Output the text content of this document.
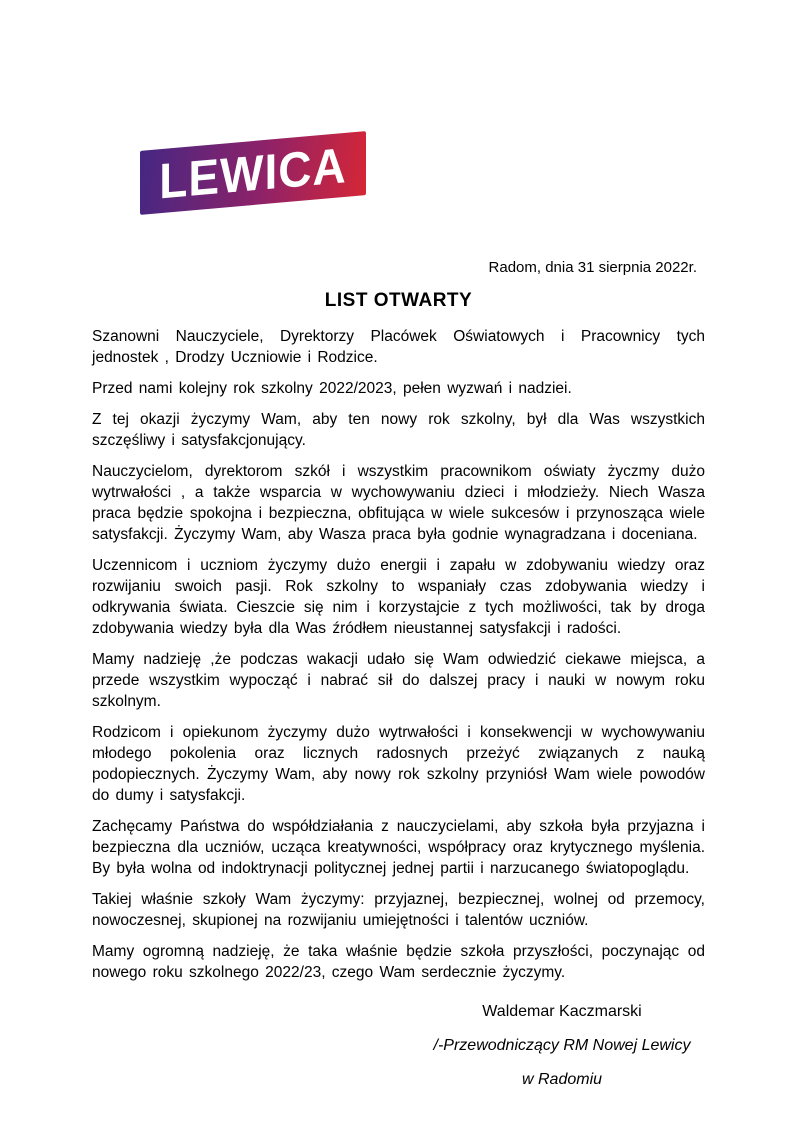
LEWICA
Radom, dnia 31 sierpnia 2022r.
LIST OTWARTY

Szanowni Nauczyciele, Dyrektorzy Placówek Oświatowych i Pracownicy tych jednostek , Drodzy Uczniowie i Rodzice.

Przed nami kolejny rok szkolny 2022/2023, pełen wyzwań i nadziei.

Z tej okazji życzymy Wam, aby ten nowy rok szkolny, był dla Was wszystkich szczęśliwy i satysfakcjonujący.

Nauczycielom, dyrektorom szkół i wszystkim pracownikom oświaty życzmy dużo wytrwałości , a także wsparcia w wychowywaniu dzieci i młodzieży. Niech Wasza praca będzie spokojna i bezpieczna, obfitująca w wiele sukcesów i przynosząca wiele satysfakcji. Życzymy Wam, aby Wasza praca była godnie wynagradzana i doceniana.

Uczennicom i uczniom życzymy dużo energii i zapału w zdobywaniu wiedzy oraz rozwijaniu swoich pasji. Rok szkolny to wspaniały czas zdobywania wiedzy i odkrywania świata. Cieszcie się nim i korzystajcie z tych możliwości, tak by droga zdobywania wiedzy była dla Was źródłem nieustannej satysfakcji i radości.

Mamy nadzieję ,że podczas wakacji udało się Wam odwiedzić ciekawe miejsca, a przede wszystkim wypocząć i nabrać sił do dalszej pracy i nauki w nowym roku szkolnym.

Rodzicom i opiekunom życzymy dużo wytrwałości i konsekwencji w wychowywaniu młodego pokolenia oraz licznych radosnych przeżyć związanych z nauką podopiecznych. Życzymy Wam, aby nowy rok szkolny przyniósł Wam wiele powodów do dumy i satysfakcji.

Zachęcamy Państwa do współdziałania z nauczycielami, aby szkoła była przyjazna i bezpieczna dla uczniów, ucząca kreatywności, współpracy oraz krytycznego myślenia. By była wolna od indoktrynacji politycznej jednej partii i narzucanego światopoglądu.

Takiej właśnie szkoły Wam życzymy: przyjaznej, bezpiecznej, wolnej od przemocy, nowoczesnej, skupionej na rozwijaniu umiejętności i talentów uczniów.

Mamy ogromną nadzieję, że taka właśnie będzie szkoła przyszłości, poczynając od nowego roku szkolnego 2022/23, czego Wam serdecznie życzymy.

Waldemar Kaczmarski
/-Przewodniczący RM Nowej Lewicy
w Radomiu
